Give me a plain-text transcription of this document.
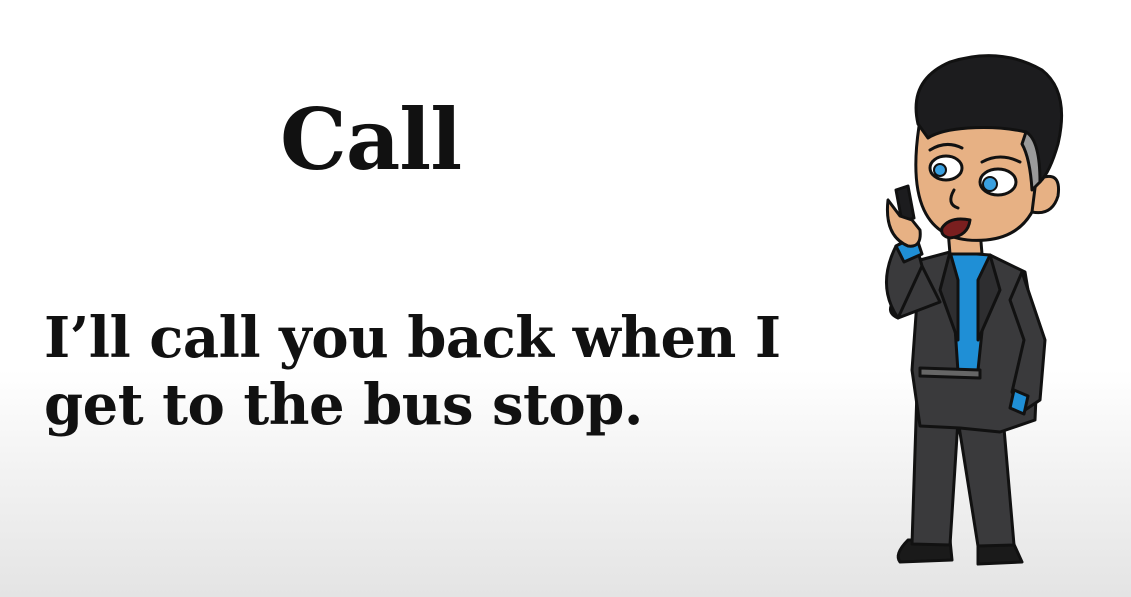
Call
I’ll call you back when I get to the bus stop.
